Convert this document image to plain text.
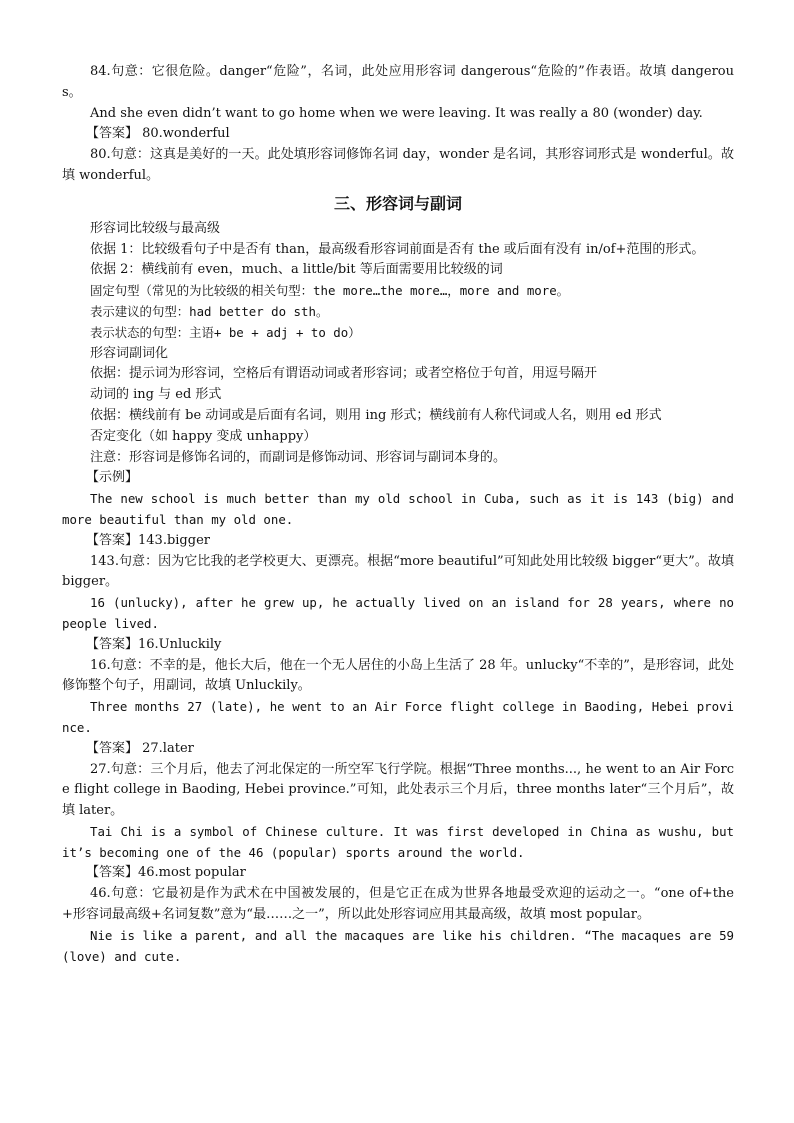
84.句意：它很危险。danger“危险”，名词，此处应用形容词 dangerous“危险的”作表语。故填 dangerous。

And she even didn’t want to go home when we were leaving. It was really a 80 (wonder) day.

【答案】 80.wonderful

80.句意：这真是美好的一天。此处填形容词修饰名词 day，wonder 是名词，其形容词形式是 wonderful。故填 wonderful。

三、形容词与副词

形容词比较级与最高级

依据 1：比较级看句子中是否有 than，最高级看形容词前面是否有 the 或后面有没有 in/of+范围的形式。

依据 2：横线前有 even，much、a little/bit 等后面需要用比较级的词

固定句型（常见的为比较级的相关句型：the more…the more…，more and more。

表示建议的句型：had better do sth。

表示状态的句型：主语+ be + adj + to do）

形容词副词化

依据：提示词为形容词，空格后有谓语动词或者形容词；或者空格位于句首，用逗号隔开

动词的 ing 与 ed 形式

依据：横线前有 be 动词或是后面有名词，则用 ing 形式；横线前有人称代词或人名，则用 ed 形式

否定变化（如 happy 变成 unhappy）

注意：形容词是修饰名词的，而副词是修饰动词、形容词与副词本身的。

【示例】

The new school is much better than my old school in Cuba, such as it is 143 (big) and more beautiful than my old one.

【答案】143.bigger

143.句意：因为它比我的老学校更大、更漂亮。根据“more beautiful”可知此处用比较级 bigger“更大”。故填 bigger。

16 (unlucky), after he grew up, he actually lived on an island for 28 years, where no people lived.

【答案】16.Unluckily

16.句意：不幸的是，他长大后，他在一个无人居住的小岛上生活了 28 年。unlucky“不幸的”，是形容词，此处修饰整个句子，用副词，故填 Unluckily。

Three months 27 (late), he went to an Air Force flight college in Baoding, Hebei province.

【答案】 27.later

27.句意：三个月后，他去了河北保定的一所空军飞行学院。根据“Three months..., he went to an Air Force flight college in Baoding, Hebei province.”可知，此处表示三个月后，three months later“三个月后”，故填 later。

Tai Chi is a symbol of Chinese culture. It was first developed in China as wushu, but it’s becoming one of the 46 (popular) sports around the world.

【答案】46.most popular

46.句意：它最初是作为武术在中国被发展的，但是它正在成为世界各地最受欢迎的运动之一。“one of+the+形容词最高级+名词复数”意为“最……之一”，所以此处形容词应用其最高级，故填 most popular。

Nie is like a parent, and all the macaques are like his children. “The macaques are 59 (love) and cute.
